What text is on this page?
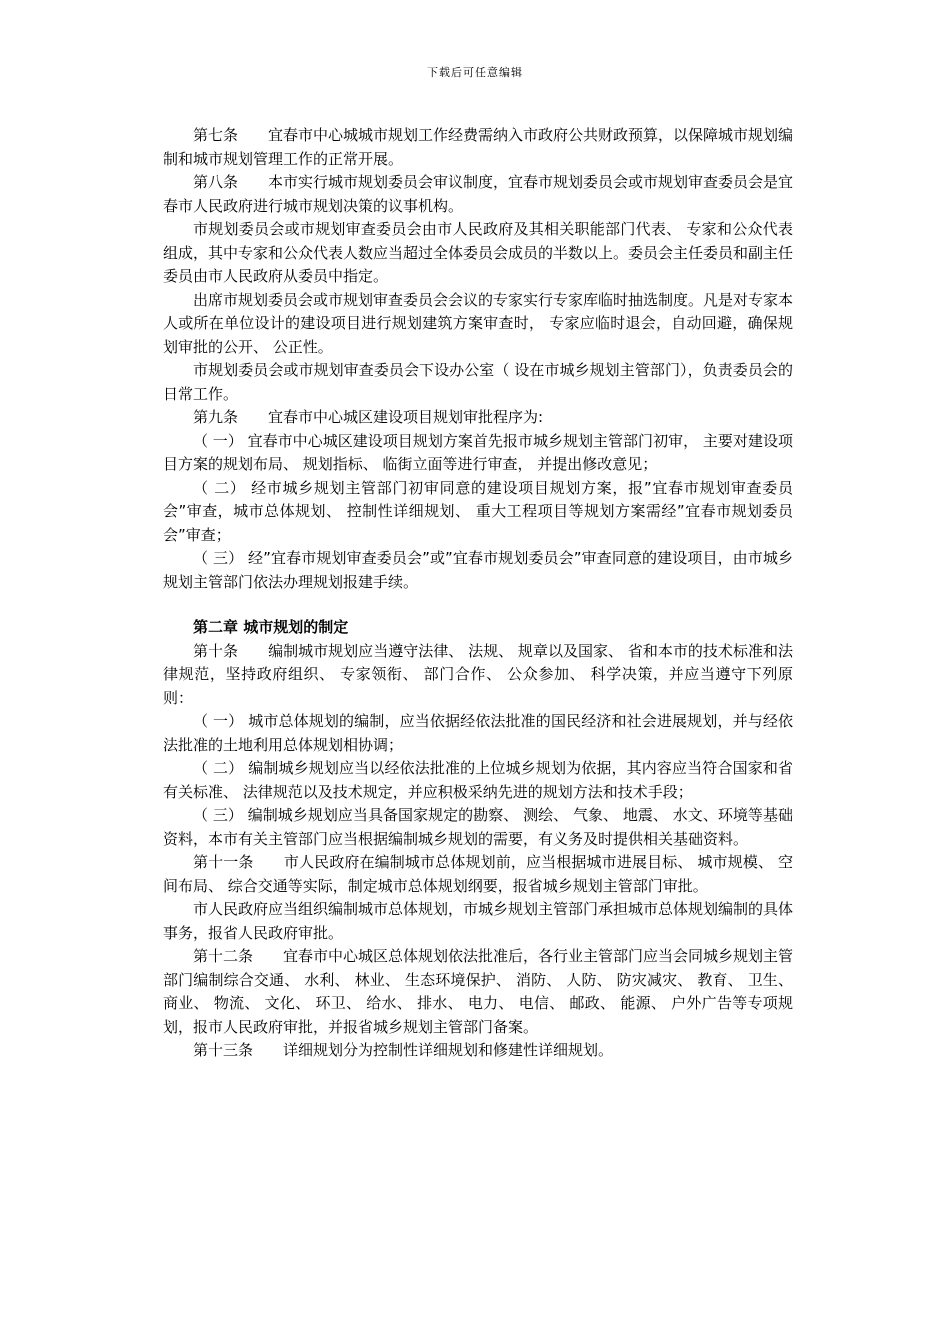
下载后可任意编辑

第七条　　宜春市中心城城市规划工作经费需纳入市政府公共财政预算，以保障城市规划编制和城市规划管理工作的正常开展。

第八条　　本市实行城市规划委员会审议制度，宜春市规划委员会或市规划审查委员会是宜春市人民政府进行城市规划决策的议事机构。

市规划委员会或市规划审查委员会由市人民政府及其相关职能部门代表、 专家和公众代表组成，其中专家和公众代表人数应当超过全体委员会成员的半数以上。委员会主任委员和副主任委员由市人民政府从委员中指定。

出席市规划委员会或市规划审查委员会会议的专家实行专家库临时抽选制度。凡是对专家本人或所在单位设计的建设项目进行规划建筑方案审查时， 专家应临时退会，自动回避，确保规划审批的公开、 公正性。

市规划委员会或市规划审查委员会下设办公室（ 设在市城乡规划主管部门），负责委员会的日常工作。

第九条　　宜春市中心城区建设项目规划审批程序为:

（ 一） 宜春市中心城区建设项目规划方案首先报市城乡规划主管部门初审， 主要对建设项目方案的规划布局、 规划指标、 临街立面等进行审查， 并提出修改意见；

（ 二） 经市城乡规划主管部门初审同意的建设项目规划方案，报”宜春市规划审查委员会”审查，城市总体规划、 控制性详细规划、 重大工程项目等规划方案需经”宜春市规划委员会”审查；

（ 三） 经”宜春市规划审查委员会”或”宜春市规划委员会”审查同意的建设项目，由市城乡规划主管部门依法办理规划报建手续。

第二章 城市规划的制定

第十条　　编制城市规划应当遵守法律、 法规、 规章以及国家、 省和本市的技术标准和法律规范，坚持政府组织、 专家领衔、 部门合作、 公众参加、 科学决策，并应当遵守下列原则：

（ 一） 城市总体规划的编制，应当依据经依法批准的国民经济和社会进展规划，并与经依法批准的土地利用总体规划相协调；

（ 二） 编制城乡规划应当以经依法批准的上位城乡规划为依据，其内容应当符合国家和省有关标准、 法律规范以及技术规定，并应积极采纳先进的规划方法和技术手段；

（ 三） 编制城乡规划应当具备国家规定的勘察、 测绘、 气象、 地震、 水文、环境等基础资料，本市有关主管部门应当根据编制城乡规划的需要，有义务及时提供相关基础资料。

第十一条　　市人民政府在编制城市总体规划前，应当根据城市进展目标、 城市规模、 空间布局、 综合交通等实际，制定城市总体规划纲要，报省城乡规划主管部门审批。

市人民政府应当组织编制城市总体规划，市城乡规划主管部门承担城市总体规划编制的具体事务，报省人民政府审批。

第十二条　　宜春市中心城区总体规划依法批准后，各行业主管部门应当会同城乡规划主管部门编制综合交通、 水利、 林业、 生态环境保护、 消防、 人防、 防灾减灾、 教育、 卫生、 商业、 物流、 文化、 环卫、 给水、 排水、 电力、 电信、 邮政、 能源、 户外广告等专项规划，报市人民政府审批，并报省城乡规划主管部门备案。

第十三条　　详细规划分为控制性详细规划和修建性详细规划。
